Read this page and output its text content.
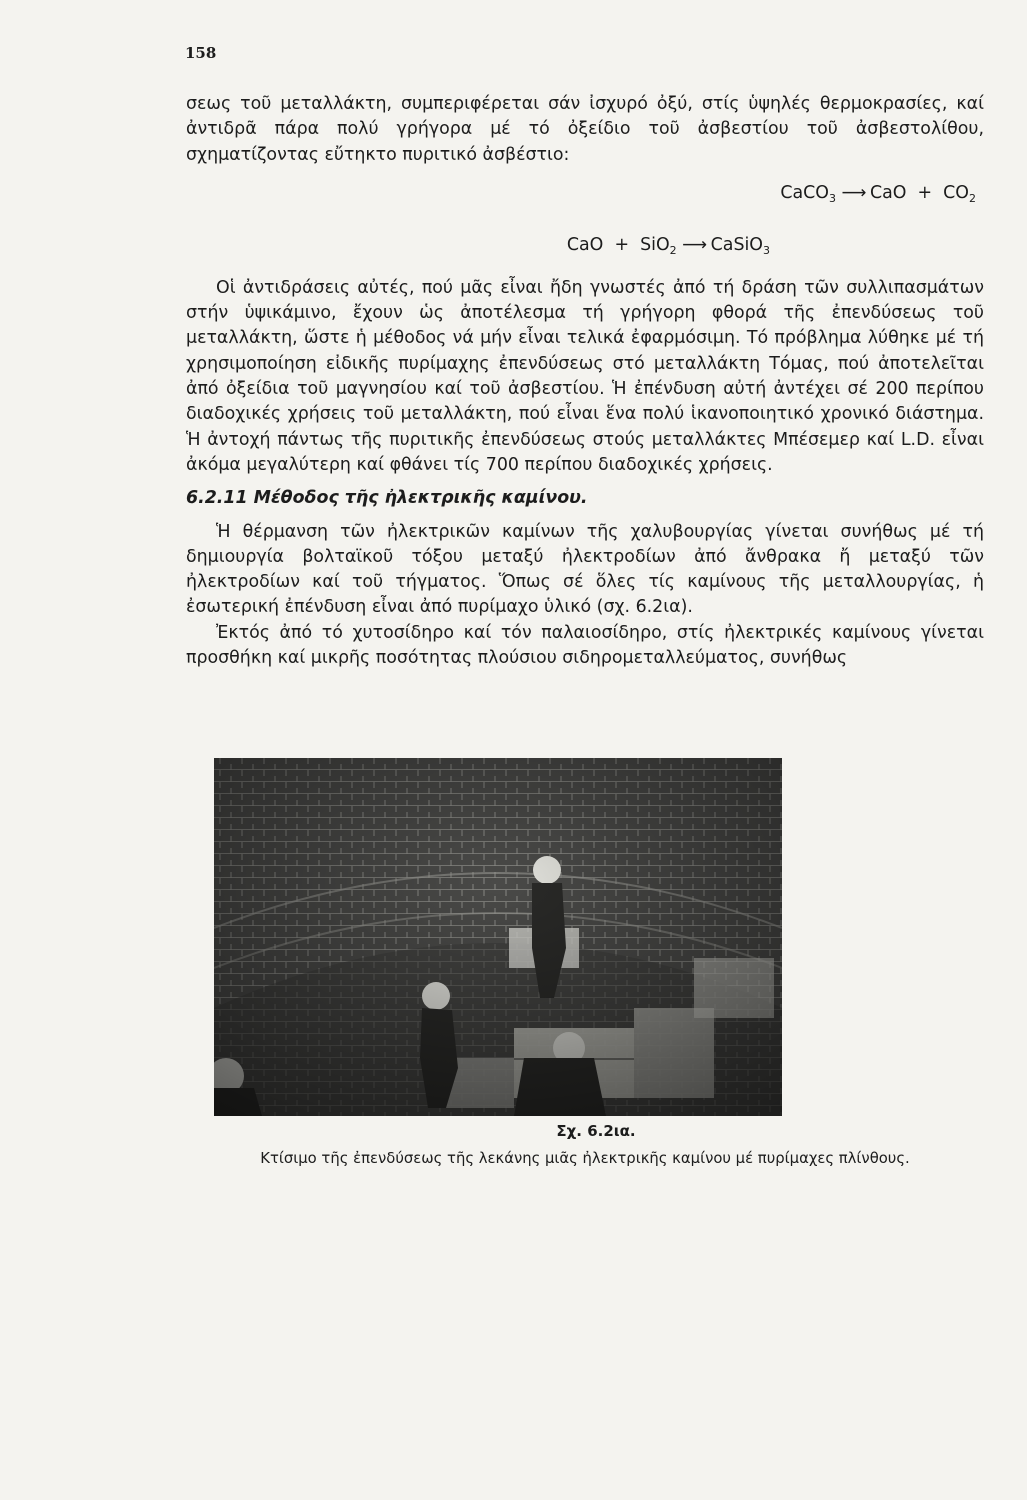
158

σεως τοῦ μεταλλάκτη, συμπεριφέρεται σάν ἰσχυρό ὀξύ, στίς ὑψηλές θερμοκρασίες, καί ἀντιδρᾶ πάρα πολύ γρήγορα μέ τό ὀξείδιο τοῦ ἀσβεστίου τοῦ ἀσβεστολίθου, σχηματίζοντας εὔτηκτο πυριτικό ἀσβέστιο:

CaCO$_3$ ⟶ CaO + $CO_2$
CaO + SiO$_2$ ⟶ CaSiO$_3$

Οἱ ἀντιδράσεις αὐτές, πού μᾶς εἶναι ἤδη γνωστές ἀπό τή δράση τῶν συλλιπασμάτων στήν ὑψικάμινο, ἔχουν ὡς ἀποτέλεσμα τή γρήγορη φθορά τῆς ἐπενδύσεως τοῦ μεταλλάκτη, ὥστε ἡ μέθοδος νά μήν εἶναι τελικά ἐφαρμόσιμη. Τό πρόβλημα λύθηκε μέ τή χρησιμοποίηση εἰδικῆς πυρίμαχης ἐπενδύσεως στό μεταλλάκτη Τόμας, πού ἀποτελεῖται ἀπό ὀξείδια τοῦ μαγνησίου καί τοῦ ἀσβεστίου. Ἡ ἐπένδυση αὐτή ἀντέχει σέ 200 περίπου διαδοχικές χρήσεις τοῦ μεταλλάκτη, πού εἶναι ἕνα πολύ ἱκανοποιητικό χρονικό διάστημα. Ἡ ἀντοχή πάντως τῆς πυριτικῆς ἐπενδύσεως στούς μεταλλάκτες Μπέσεμερ καί L.D. εἶναι ἀκόμα μεγαλύτερη καί φθάνει τίς 700 περίπου διαδοχικές χρήσεις.

6.2.11 Μέθοδος τῆς ἠλεκτρικῆς καμίνου.

Ἡ θέρμανση τῶν ἠλεκτρικῶν καμίνων τῆς χαλυβουργίας γίνεται συνήθως μέ τή δημιουργία βολταϊκοῦ τόξου μεταξύ ἠλεκτροδίων ἀπό ἄνθρακα ἤ μεταξύ τῶν ἠλεκτροδίων καί τοῦ τήγματος. Ὅπως σέ ὅλες τίς καμίνους τῆς μεταλλουργίας, ἡ ἐσωτερική ἐπένδυση εἶναι ἀπό πυρίμαχο ὑλικό (σχ. 6.2ια).

Ἐκτός ἀπό τό χυτοσίδηρο καί τόν παλαιοσίδηρο, στίς ἠλεκτρικές καμίνους γίνεται προσθήκη καί μικρῆς ποσότητας πλούσιου σιδηρομεταλλεύματος, συνήθως

Σχ. 6.2ια.
Κτίσιμο τῆς ἐπενδύσεως τῆς λεκάνης μιᾶς ἠλεκτρικῆς καμίνου μέ πυρίμαχες πλίνθους.
